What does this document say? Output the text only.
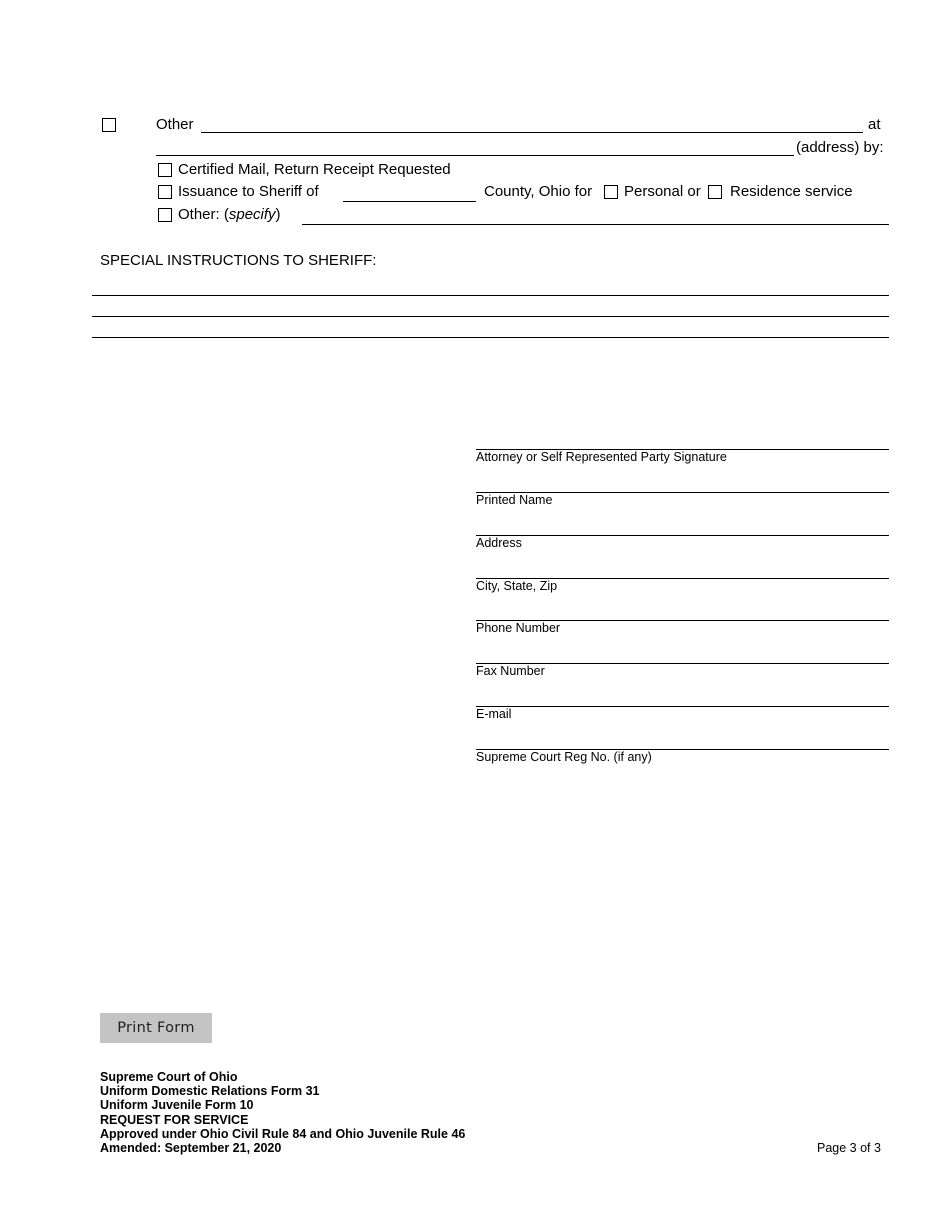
Other	at
(address) by:
Certified Mail, Return Receipt Requested
Issuance to Sheriff of	County, Ohio for Personal or Residence service
Other: (specify)
SPECIAL INSTRUCTIONS TO SHERIFF:
Attorney or Self Represented Party Signature
Printed Name
Address
City, State, Zip
Phone Number
Fax Number
E-mail
Supreme Court Reg No. (if any)
Print Form
Supreme Court of Ohio
Uniform Domestic Relations Form 31
Uniform Juvenile Form 10
REQUEST FOR SERVICE
Approved under Ohio Civil Rule 84 and Ohio Juvenile Rule 46
Amended: September 21, 2020	Page 3 of 3
